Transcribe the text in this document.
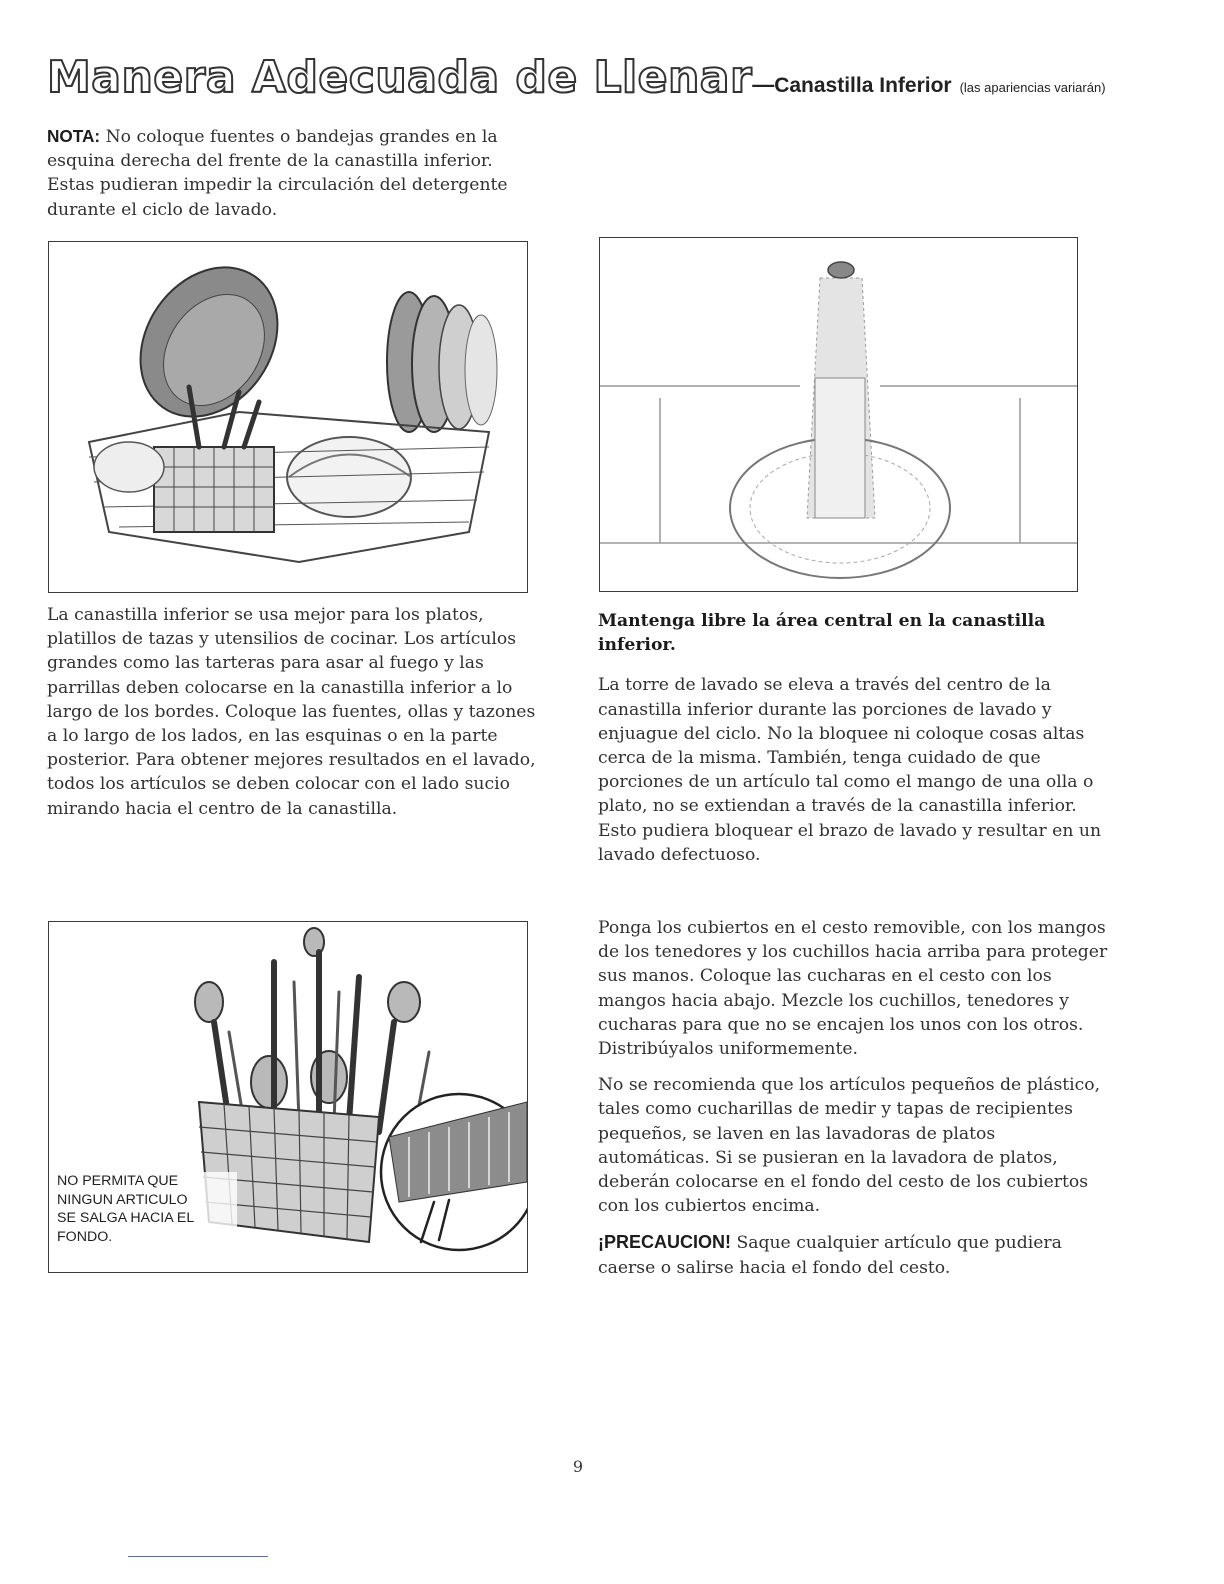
Manera Adecuada de Llenar — Canastilla Inferior (las apariencias variarán)

NOTA: No coloque fuentes o bandejas grandes en la esquina derecha del frente de la canastilla inferior. Estas pudieran impedir la circulación del detergente durante el ciclo de lavado.

La canastilla inferior se usa mejor para los platos, platillos de tazas y utensilios de cocinar. Los artículos grandes como las tarteras para asar al fuego y las parrillas deben colocarse en la canastilla inferior a lo largo de los bordes. Coloque las fuentes, ollas y tazones a lo largo de los lados, en las esquinas o en la parte posterior. Para obtener mejores resultados en el lavado, todos los artículos se deben colocar con el lado sucio mirando hacia el centro de la canastilla.

Mantenga libre la área central en la canastilla inferior.

La torre de lavado se eleva a través del centro de la canastilla inferior durante las porciones de lavado y enjuague del ciclo. No la bloquee ni coloque cosas altas cerca de la misma. También, tenga cuidado de que porciones de un artículo tal como el mango de una olla o plato, no se extiendan a través de la canastilla inferior. Esto pudiera bloquear el brazo de lavado y resultar en un lavado defectuoso.

NO PERMITA QUE
NINGUN ARTICULO
SE SALGA HACIA EL
FONDO.

Ponga los cubiertos en el cesto removible, con los mangos de los tenedores y los cuchillos hacia arriba para proteger sus manos. Coloque las cucharas en el cesto con los mangos hacia abajo. Mezcle los cuchillos, tenedores y cucharas para que no se encajen los unos con los otros. Distribúyalos uniformemente.

No se recomienda que los artículos pequeños de plástico, tales como cucharillas de medir y tapas de recipientes pequeños, se laven en las lavadoras de platos automáticas. Si se pusieran en la lavadora de platos, deberán colocarse en el fondo del cesto de los cubiertos con los cubiertos encima.

¡PRECAUCION! Saque cualquier artículo que pudiera caerse o salirse hacia el fondo del cesto.

9
